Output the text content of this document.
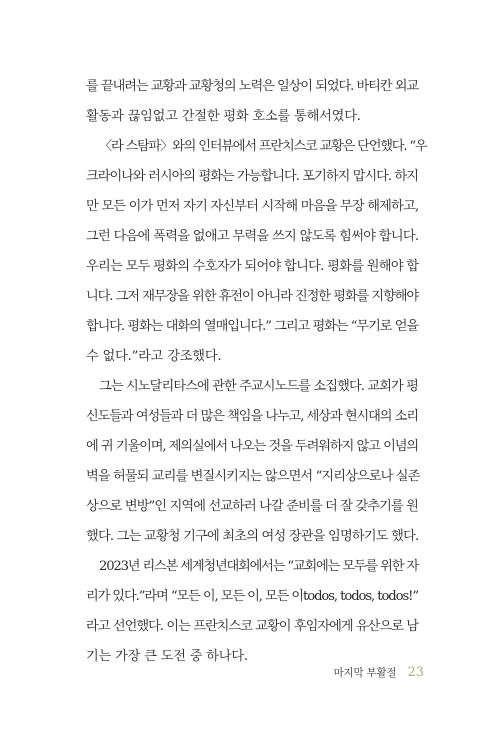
를 끝내려는 교황과 교황청의 노력은 일상이 되었다. 바티칸 외교
활동과 끊임없고 간절한 평화 호소를 통해서였다.
〈라 스탐파〉와의 인터뷰에서 프란치스코 교황은 단언했다. “우
크라이나와 러시아의 평화는 가능합니다. 포기하지 맙시다. 하지
만 모든 이가 먼저 자기 자신부터 시작해 마음을 무장 해제하고,
그런 다음에 폭력을 없애고 무력을 쓰지 않도록 힘써야 합니다.
우리는 모두 평화의 수호자가 되어야 합니다. 평화를 원해야 합
니다. 그저 재무장을 위한 휴전이 아니라 진정한 평화를 지향해야
합니다. 평화는 대화의 열매입니다.” 그리고 평화는 “무기로 얻을
수 없다.”라고 강조했다.
그는 시노달리타스에 관한 주교시노드를 소집했다. 교회가 평
신도들과 여성들과 더 많은 책임을 나누고, 세상과 현시대의 소리
에 귀 기울이며, 제의실에서 나오는 것을 두려워하지 않고 이념의
벽을 허물되 교리를 변질시키지는 않으면서 “지리상으로나 실존
상으로 변방”인 지역에 선교하러 나갈 준비를 더 잘 갖추기를 원
했다. 그는 교황청 기구에 최초의 여성 장관을 임명하기도 했다.
2023년 리스본 세계청년대회에서는 “교회에는 모두를 위한 자
리가 있다.”라며 “모든 이, 모든 이, 모든 이todos, todos, todos!”
라고 선언했다. 이는 프란치스코 교황이 후임자에게 유산으로 남
기는 가장 큰 도전 중 하나다.
마지막 부활절 23
